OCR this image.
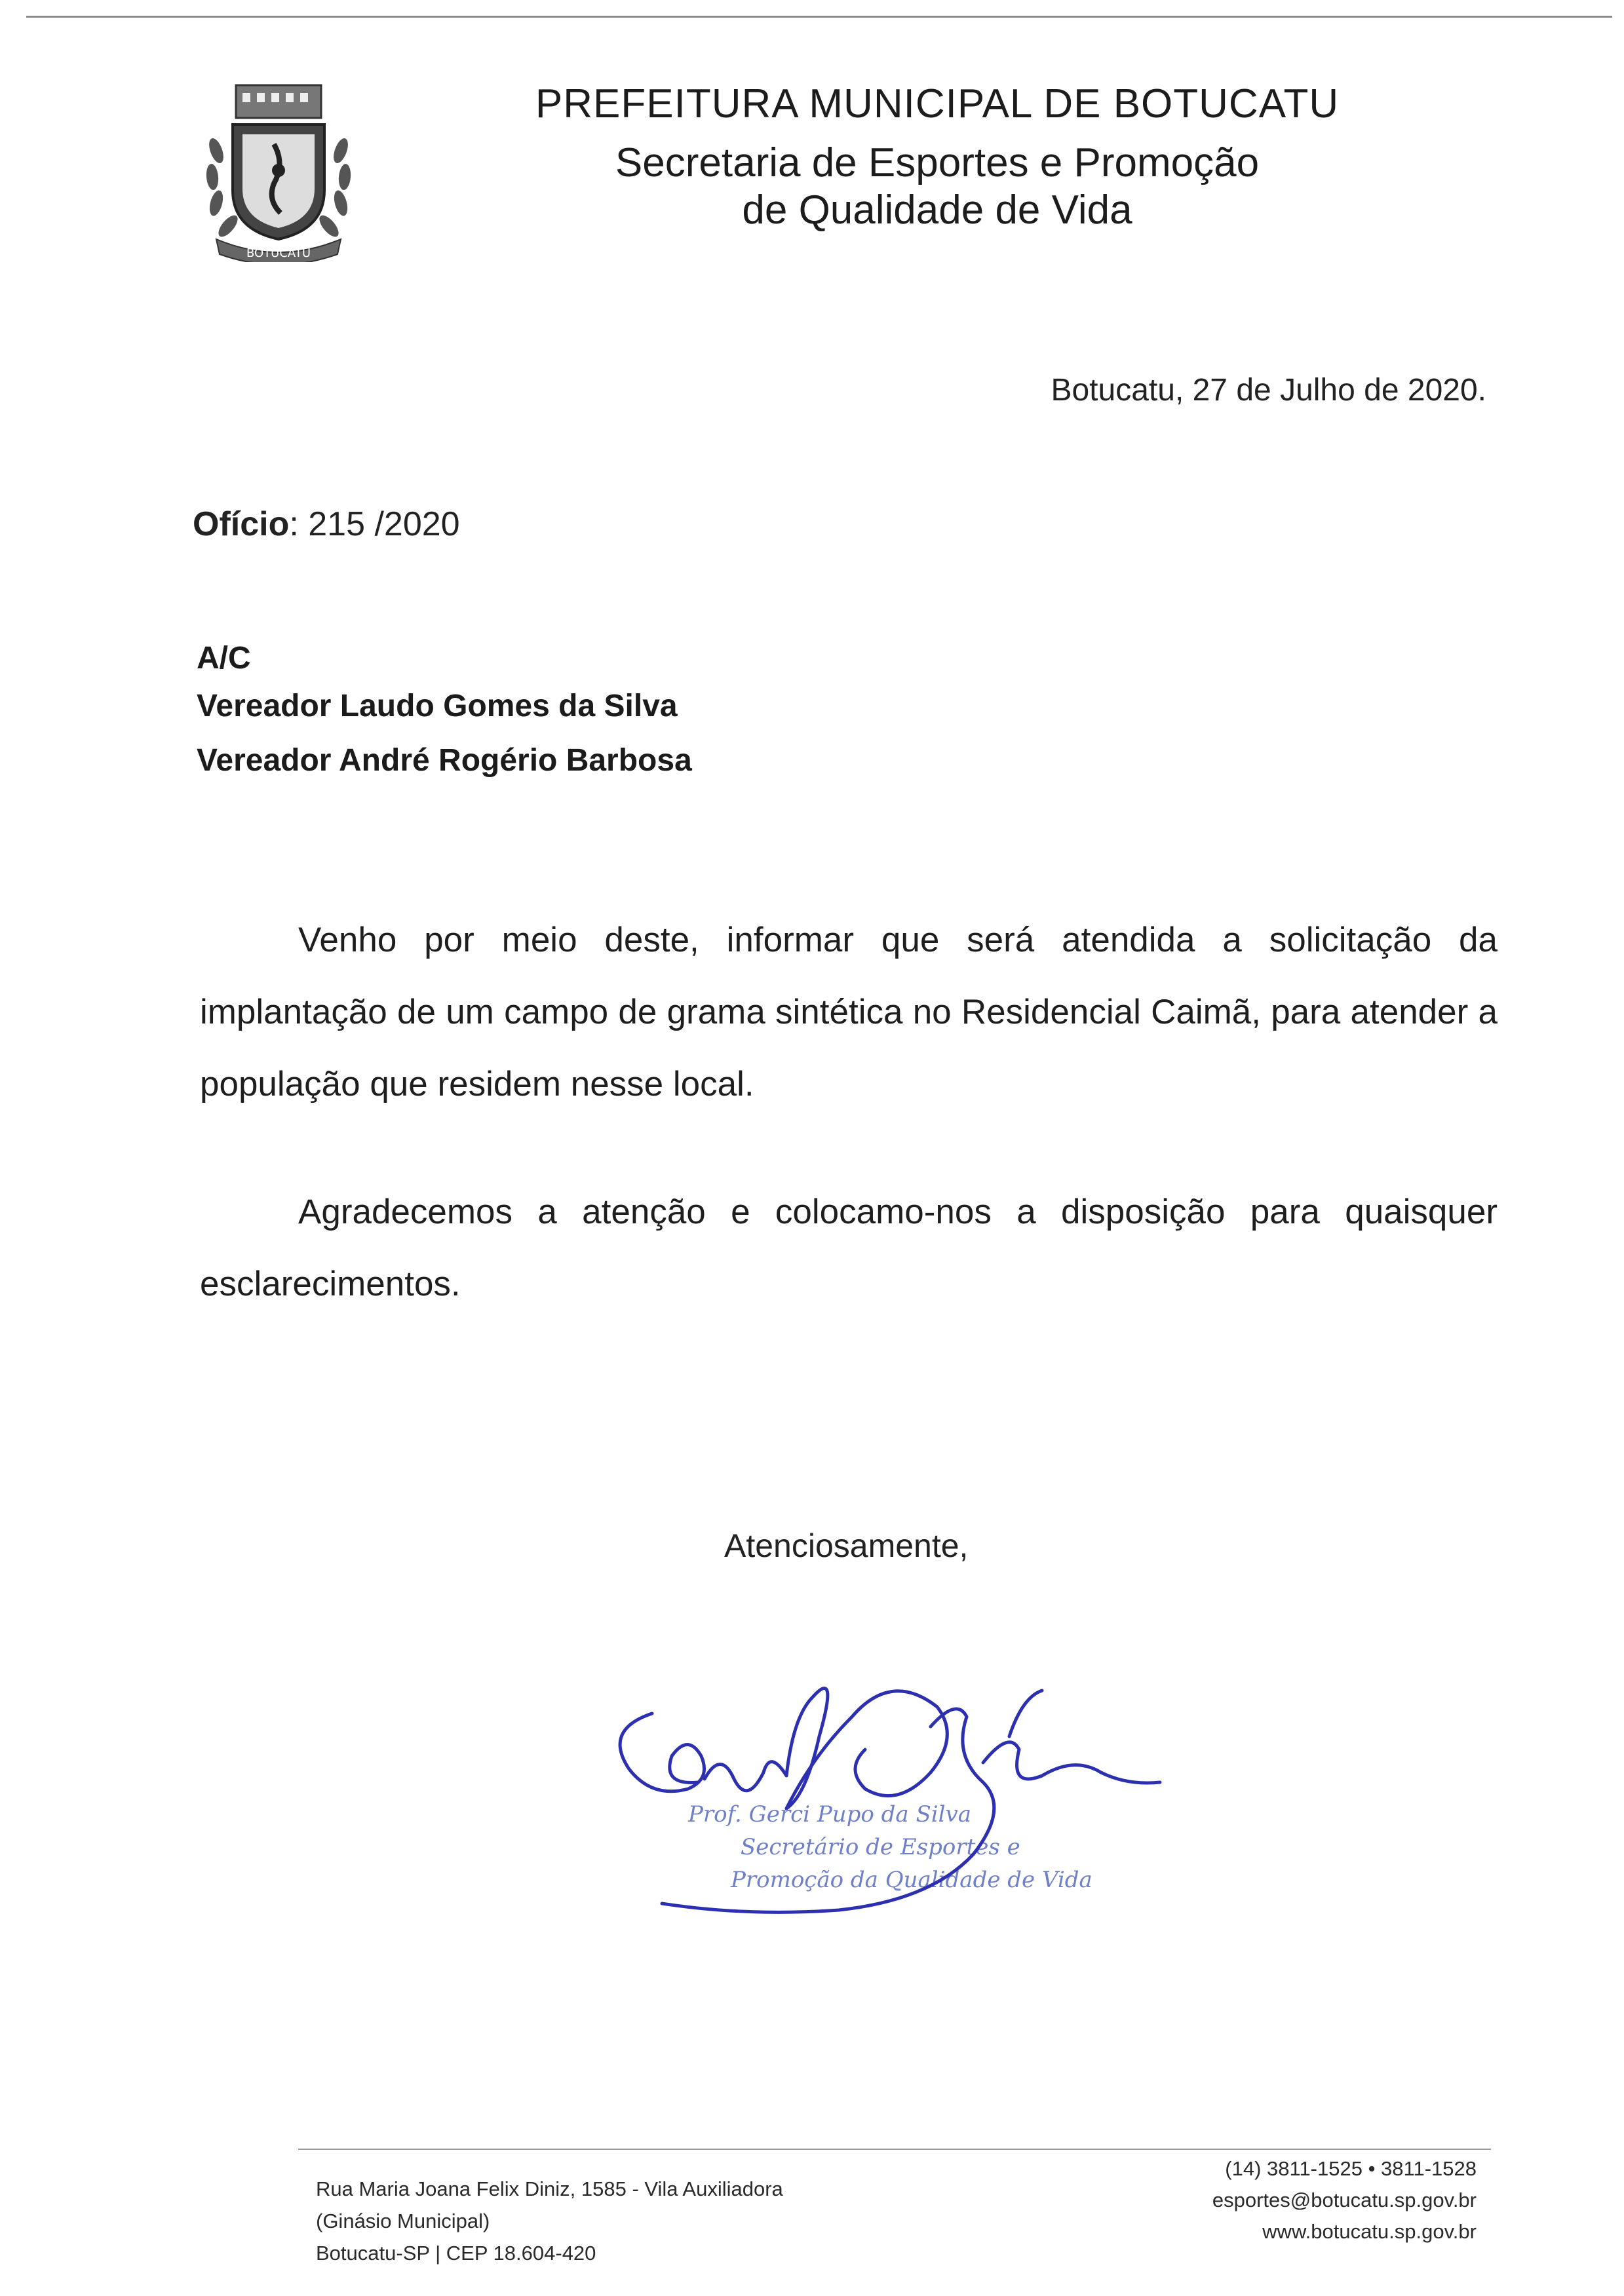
BOTUCATU
PREFEITURA MUNICIPAL DE BOTUCATU
Secretaria de Esportes e Promoção
de Qualidade de Vida
Botucatu, 27 de Julho de 2020.
Ofício: 215 /2020
A/C
Vereador Laudo Gomes da Silva
Vereador André Rogério Barbosa
Venho por meio deste, informar que será atendida a solicitação da implantação de um campo de grama sintética no Residencial Caimã, para atender a população que residem nesse local.
Agradecemos a atenção e colocamo-nos a disposição para quaisquer esclarecimentos.
Atenciosamente,
Prof. Gerci Pupo da Silva
Secretário de Esportes e
Promoção da Qualidade de Vida
Rua Maria Joana Felix Diniz, 1585 - Vila Auxiliadora
(Ginásio Municipal)
Botucatu-SP | CEP 18.604-420
(14) 3811-1525 • 3811-1528
esportes@botucatu.sp.gov.br
www.botucatu.sp.gov.br
